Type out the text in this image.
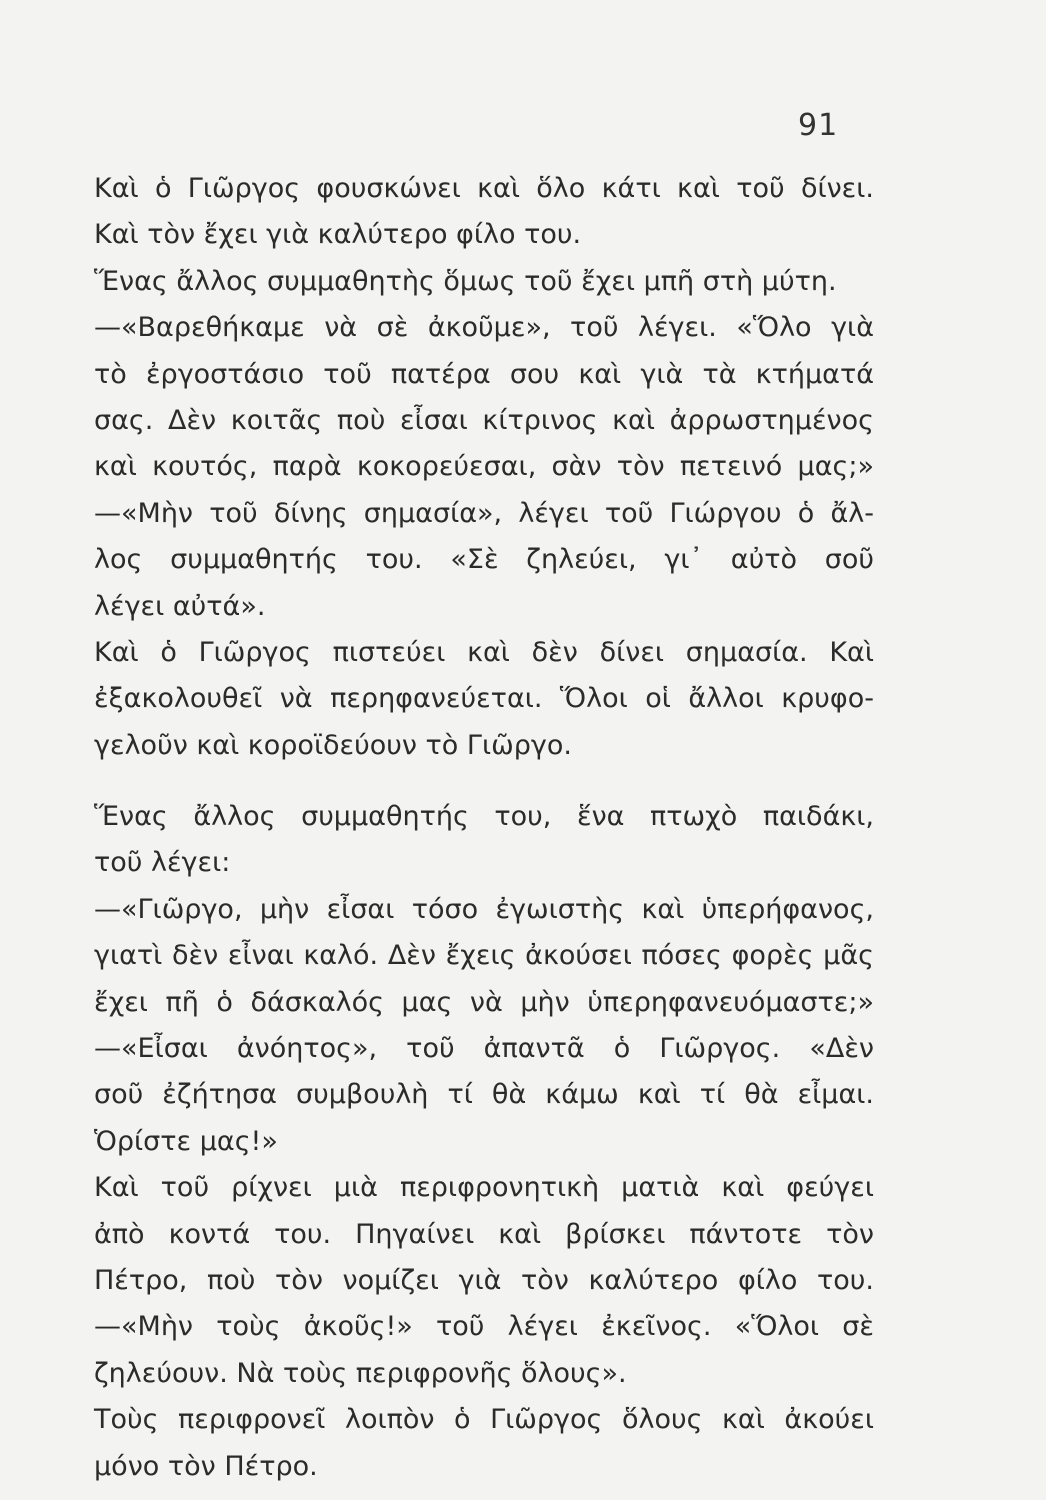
91
Καὶ ὁ Γιῶργος φουσκώνει καὶ ὅλο κάτι καὶ τοῦ δίνει.
Καὶ τὸν ἔχει γιὰ καλύτερο φίλο του.
Ἕνας ἄλλος συμμαθητὴς ὅμως τοῦ ἔχει μπῆ στὴ μύτη.
—«Βαρεθήκαμε νὰ σὲ ἀκοῦμε», τοῦ λέγει. «Ὅλο γιὰ
τὸ ἐργοστάσιο τοῦ πατέρα σου καὶ γιὰ τὰ κτήματά
σας. Δὲν κοιτᾶς ποὺ εἶσαι κίτρινος καὶ ἀρρωστημένος
καὶ κουτός, παρὰ κοκορεύεσαι, σὰν τὸν πετεινό μας;»
—«Μὴν τοῦ δίνης σημασία», λέγει τοῦ Γιώργου ὁ ἄλ-
λος συμμαθητής του. «Σὲ ζηλεύει, γι᾽ αὐτὸ σοῦ
λέγει αὐτά».
Καὶ ὁ Γιῶργος πιστεύει καὶ δὲν δίνει σημασία. Καὶ
ἐξακολουθεῖ νὰ περηφανεύεται. Ὅλοι οἱ ἄλλοι κρυφο-
γελοῦν καὶ κοροϊδεύουν τὸ Γιῶργο.
Ἕνας ἄλλος συμμαθητής του, ἕνα πτωχὸ παιδάκι,
τοῦ λέγει:
—«Γιῶργο, μὴν εἶσαι τόσο ἐγωιστὴς καὶ ὑπερήφανος,
γιατὶ δὲν εἶναι καλό. Δὲν ἔχεις ἀκούσει πόσες φορὲς μᾶς
ἔχει πῆ ὁ δάσκαλός μας νὰ μὴν ὑπερηφανευόμαστε;»
—«Εἶσαι ἀνόητος», τοῦ ἀπαντᾶ ὁ Γιῶργος. «Δὲν
σοῦ ἐζήτησα συμβουλὴ τί θὰ κάμω καὶ τί θὰ εἶμαι.
Ὁρίστε μας!»
Καὶ τοῦ ρίχνει μιὰ περιφρονητικὴ ματιὰ καὶ φεύγει
ἀπὸ κοντά του. Πηγαίνει καὶ βρίσκει πάντοτε τὸν
Πέτρο, ποὺ τὸν νομίζει γιὰ τὸν καλύτερο φίλο του.
—«Μὴν τοὺς ἀκοῦς!» τοῦ λέγει ἐκεῖνος. «Ὅλοι σὲ
ζηλεύουν. Νὰ τοὺς περιφρονῆς ὅλους».
Τοὺς περιφρονεῖ λοιπὸν ὁ Γιῶργος ὅλους καὶ ἀκούει
μόνο τὸν Πέτρο.
